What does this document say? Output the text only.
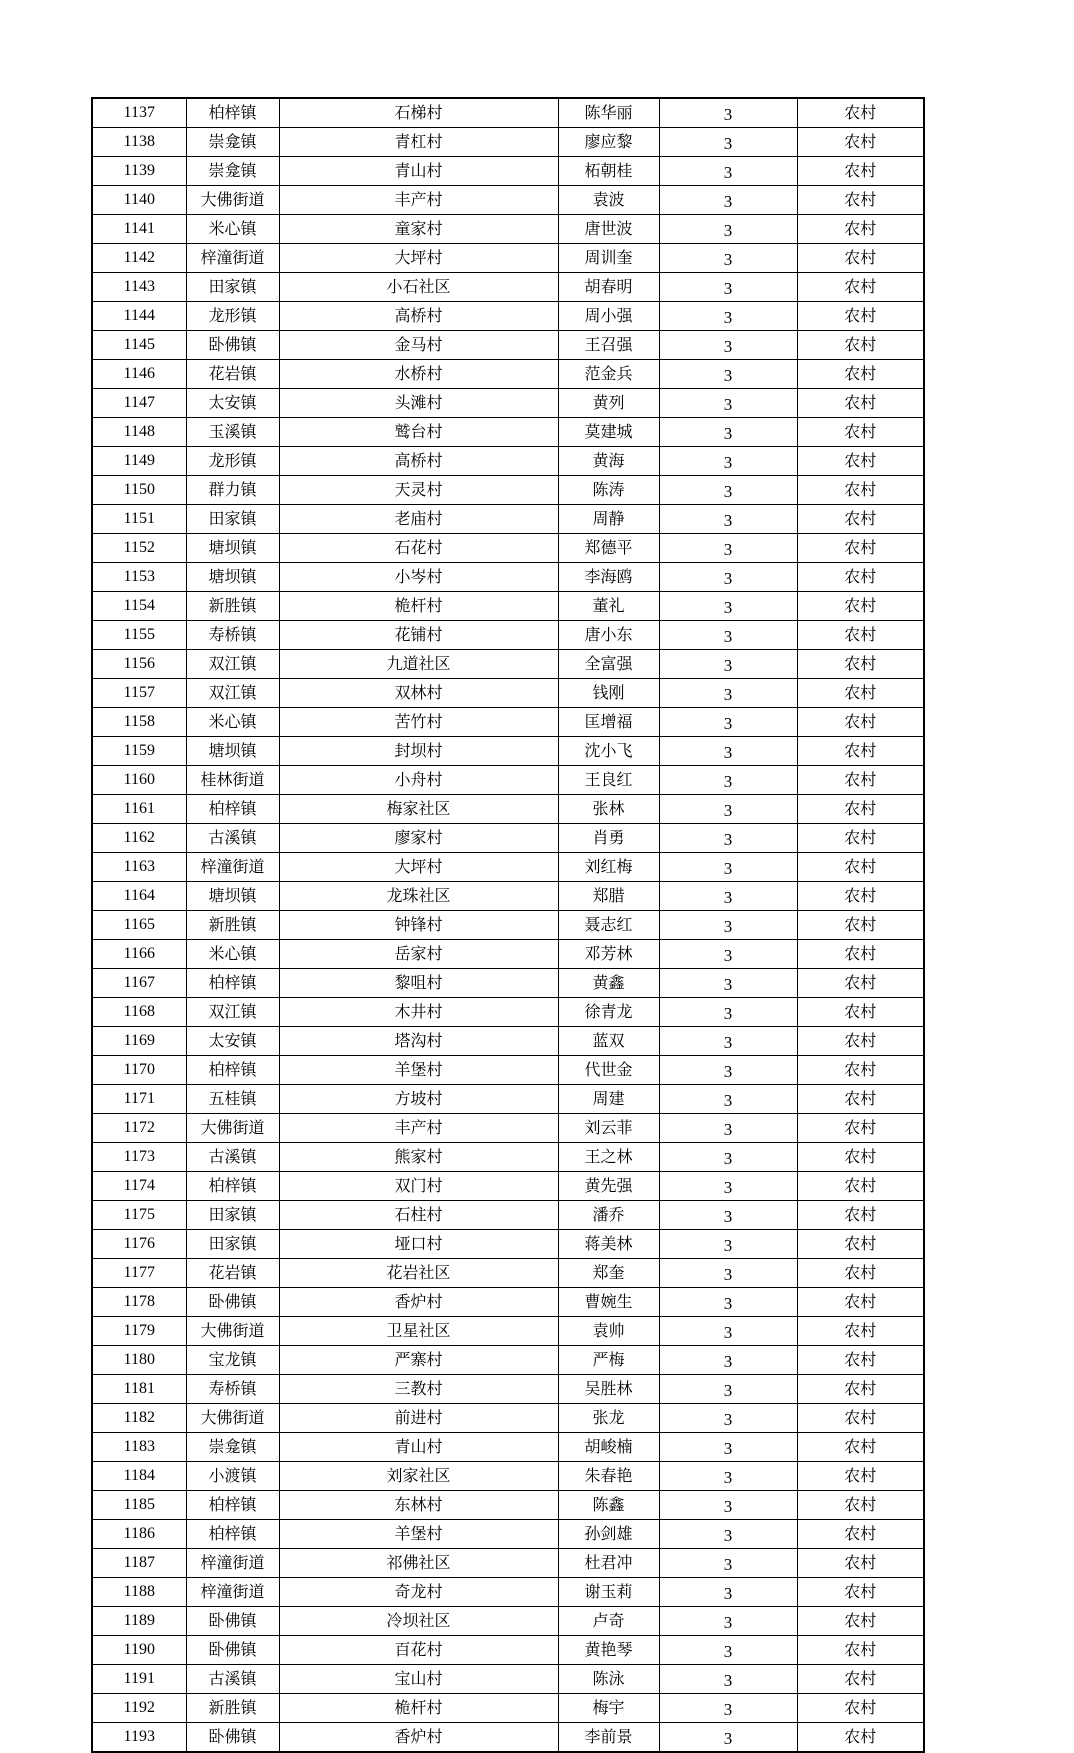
1137	柏梓镇	石梯村	陈华丽	3	农村
1138	崇龛镇	青杠村	廖应黎	3	农村
1139	崇龛镇	青山村	柘朝桂	3	农村
1140	大佛街道	丰产村	袁波	3	农村
1141	米心镇	童家村	唐世波	3	农村
1142	梓潼街道	大坪村	周训奎	3	农村
1143	田家镇	小石社区	胡春明	3	农村
1144	龙形镇	高桥村	周小强	3	农村
1145	卧佛镇	金马村	王召强	3	农村
1146	花岩镇	水桥村	范金兵	3	农村
1147	太安镇	头滩村	黄列	3	农村
1148	玉溪镇	鹫台村	莫建城	3	农村
1149	龙形镇	高桥村	黄海	3	农村
1150	群力镇	天灵村	陈涛	3	农村
1151	田家镇	老庙村	周静	3	农村
1152	塘坝镇	石花村	郑德平	3	农村
1153	塘坝镇	小岑村	李海鸥	3	农村
1154	新胜镇	桅杆村	董礼	3	农村
1155	寿桥镇	花铺村	唐小东	3	农村
1156	双江镇	九道社区	全富强	3	农村
1157	双江镇	双林村	钱刚	3	农村
1158	米心镇	苦竹村	匡增福	3	农村
1159	塘坝镇	封坝村	沈小飞	3	农村
1160	桂林街道	小舟村	王良红	3	农村
1161	柏梓镇	梅家社区	张林	3	农村
1162	古溪镇	廖家村	肖勇	3	农村
1163	梓潼街道	大坪村	刘红梅	3	农村
1164	塘坝镇	龙珠社区	郑腊	3	农村
1165	新胜镇	钟锋村	聂志红	3	农村
1166	米心镇	岳家村	邓芳林	3	农村
1167	柏梓镇	黎咀村	黄鑫	3	农村
1168	双江镇	木井村	徐青龙	3	农村
1169	太安镇	塔沟村	蓝双	3	农村
1170	柏梓镇	羊堡村	代世金	3	农村
1171	五桂镇	方坡村	周建	3	农村
1172	大佛街道	丰产村	刘云菲	3	农村
1173	古溪镇	熊家村	王之林	3	农村
1174	柏梓镇	双门村	黄先强	3	农村
1175	田家镇	石柱村	潘乔	3	农村
1176	田家镇	垭口村	蒋美林	3	农村
1177	花岩镇	花岩社区	郑奎	3	农村
1178	卧佛镇	香炉村	曹婉生	3	农村
1179	大佛街道	卫星社区	袁帅	3	农村
1180	宝龙镇	严寨村	严梅	3	农村
1181	寿桥镇	三教村	吴胜林	3	农村
1182	大佛街道	前进村	张龙	3	农村
1183	崇龛镇	青山村	胡峻楠	3	农村
1184	小渡镇	刘家社区	朱春艳	3	农村
1185	柏梓镇	东林村	陈鑫	3	农村
1186	柏梓镇	羊堡村	孙剑雄	3	农村
1187	梓潼街道	祁佛社区	杜君冲	3	农村
1188	梓潼街道	奇龙村	谢玉莉	3	农村
1189	卧佛镇	冷坝社区	卢奇	3	农村
1190	卧佛镇	百花村	黄艳琴	3	农村
1191	古溪镇	宝山村	陈泳	3	农村
1192	新胜镇	桅杆村	梅宇	3	农村
1193	卧佛镇	香炉村	李前景	3	农村
